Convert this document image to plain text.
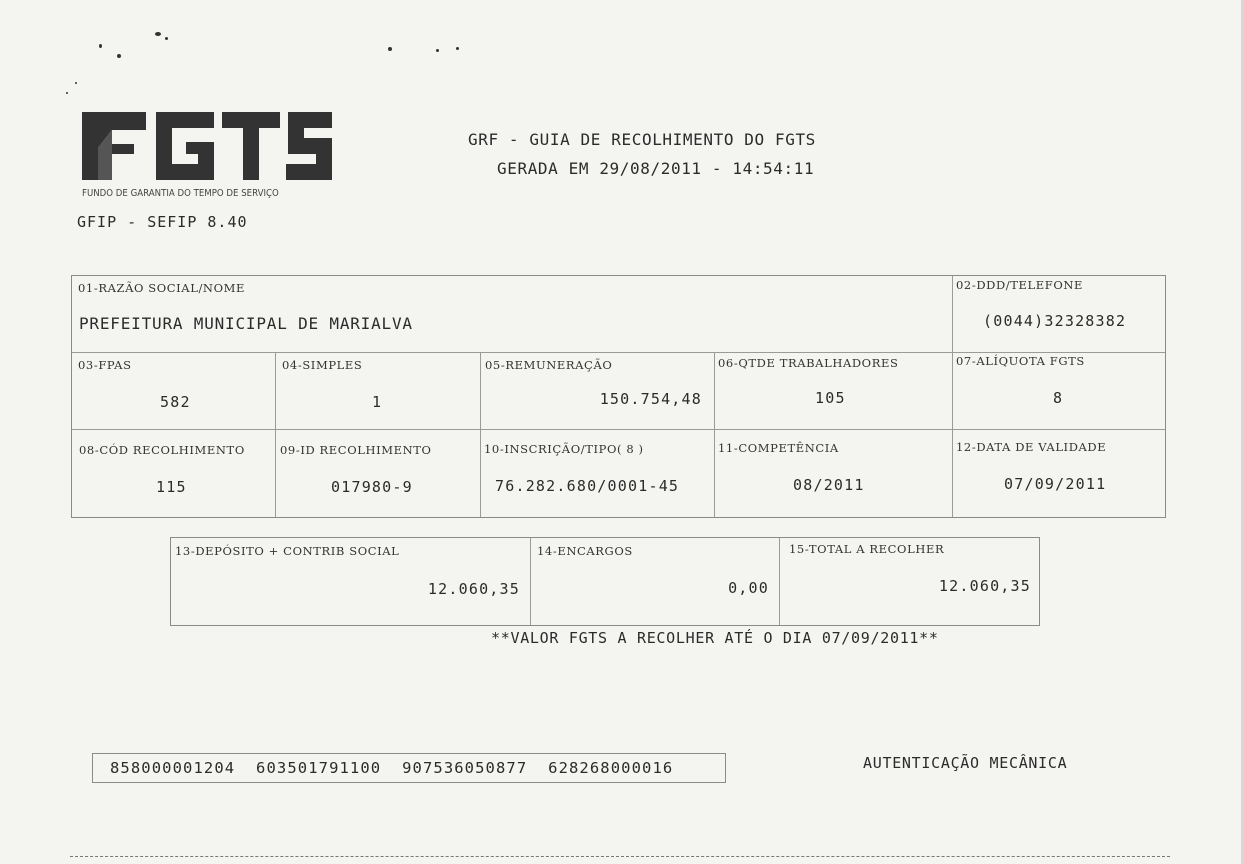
FUNDO DE GARANTIA DO TEMPO DE SERVIÇO
GFIP - SEFIP 8.40
GRF - GUIA DE RECOLHIMENTO DO FGTS
GERADA EM 29/08/2011 - 14:54:11
01-RAZÃO SOCIAL/NOME
PREFEITURA MUNICIPAL DE MARIALVA
02-DDD/TELEFONE
(0044)32328382
03-FPAS
582
04-SIMPLES
1
05-REMUNERAÇÃO
150.754,48
06-QTDE TRABALHADORES
105
07-ALÍQUOTA FGTS
8
08-CÓD RECOLHIMENTO
115
09-ID RECOLHIMENTO
017980-9
10-INSCRIÇÃO/TIPO( 8 )
76.282.680/0001-45
11-COMPETÊNCIA
08/2011
12-DATA DE VALIDADE
07/09/2011
13-DEPÓSITO + CONTRIB SOCIAL
12.060,35
14-ENCARGOS
0,00
15-TOTAL A RECOLHER
12.060,35
**VALOR FGTS A RECOLHER ATÉ O DIA 07/09/2011**
858000001204  603501791100  907536050877  628268000016	AUTENTICAÇÃO MECÂNICA
